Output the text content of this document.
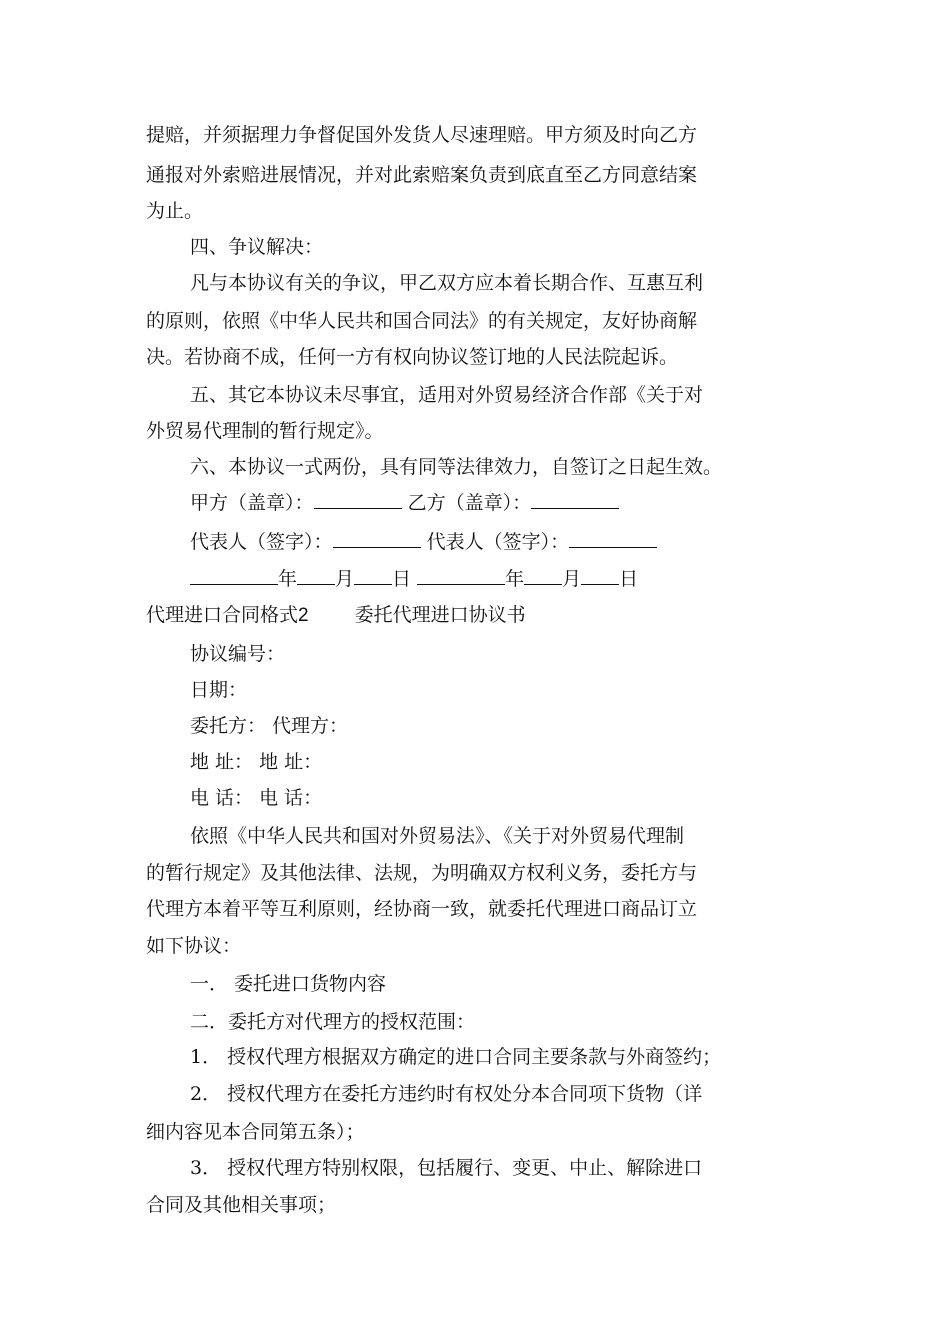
提赔，并须据理力争督促国外发货人尽速理赔。甲方须及时向乙方
通报对外索赔进展情况，并对此索赔案负责到底直至乙方同意结案
为止。
四、争议解决：
凡与本协议有关的争议，甲乙双方应本着长期合作、互惠互利
的原则，依照《中华人民共和国合同法》的有关规定，友好协商解
决。若协商不成，任何一方有权向协议签订地的人民法院起诉。
五、其它本协议未尽事宜，适用对外贸易经济合作部《关于对
外贸易代理制的暂行规定》。
六、本协议一式两份，具有同等法律效力，自签订之日起生效。
甲方（盖章）：	乙方（盖章）：
代表人（签字）：	代表人（签字）：
年 月 日	年 月 日
代理进口合同格式2 委托代理进口协议书
协议编号：
日期：
委托方： 代理方：
地 址： 地 址：
电 话： 电 话：
依照《中华人民共和国对外贸易法》、《关于对外贸易代理制
的暂行规定》及其他法律、法规，为明确双方权利义务，委托方与
代理方本着平等互利原则，经协商一致，就委托代理进口商品订立
如下协议：
一． 委托进口货物内容
二．委托方对代理方的授权范围：
1． 授权代理方根据双方确定的进口合同主要条款与外商签约；
2． 授权代理方在委托方违约时有权处分本合同项下货物（详
细内容见本合同第五条）；
3． 授权代理方特别权限，包括履行、变更、中止、解除进口
合同及其他相关事项；
